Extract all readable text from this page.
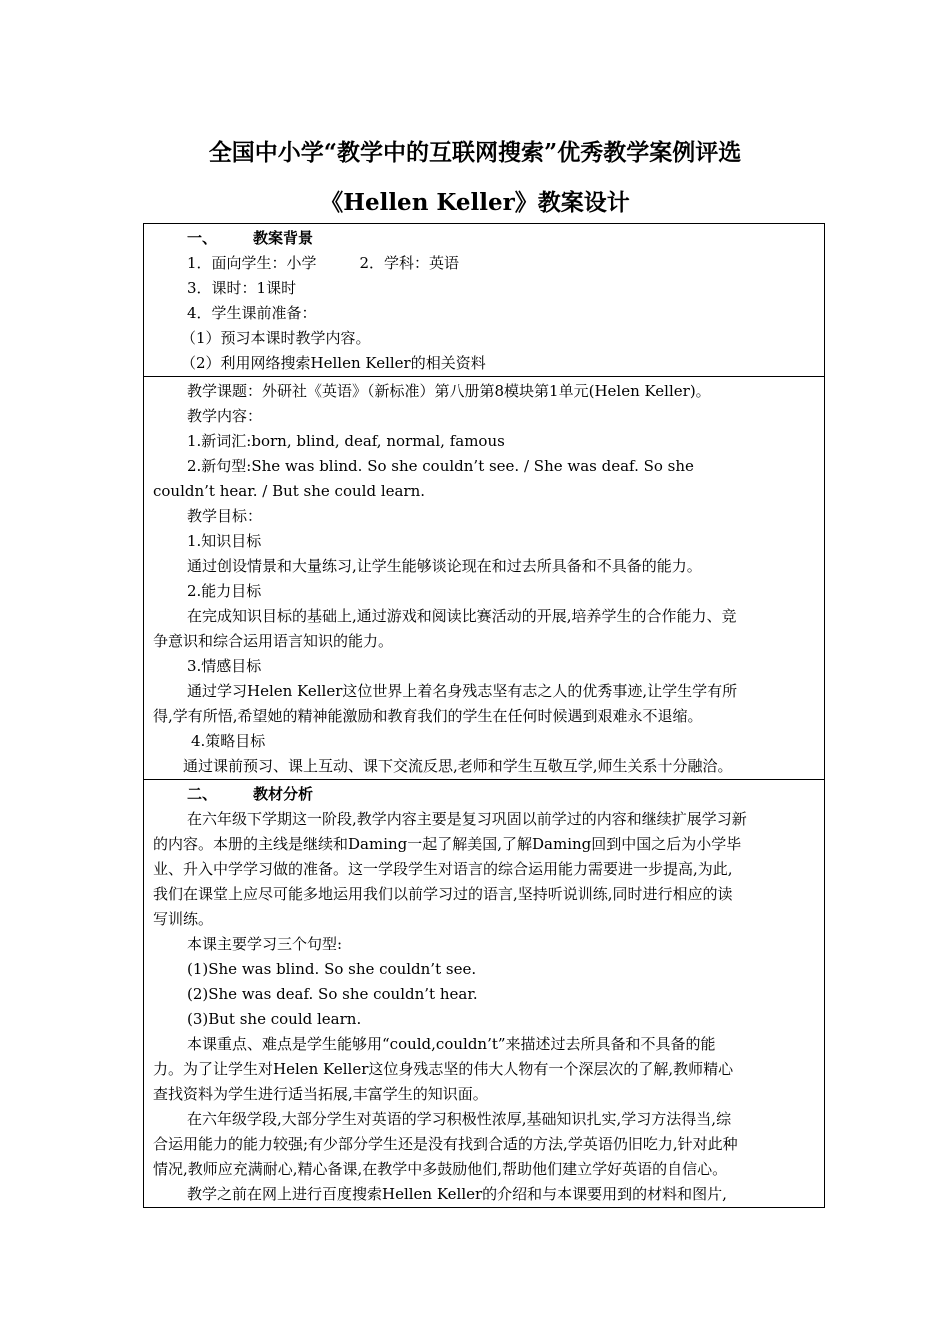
全国中小学“教学中的互联网搜索”优秀教学案例评选
《Hellen Keller》教案设计
一、 教案背景
1．面向学生：小学         2．学科：英语
3．课时：1课时
4．学生课前准备：
（1）预习本课时教学内容。
（2）利用网络搜索Hellen Keller的相关资料
教学课题：外研社《英语》（新标准）第八册第8模块第1单元(Helen Keller)。
教学内容：
1.新词汇:born, blind, deaf, normal, famous
2.新句型:She was blind. So she couldn’t see. / She was deaf. So she
couldn’t hear. / But she could learn.
教学目标：
1.知识目标
通过创设情景和大量练习,让学生能够谈论现在和过去所具备和不具备的能力。
2.能力目标
在完成知识目标的基础上,通过游戏和阅读比赛活动的开展,培养学生的合作能力、竞
争意识和综合运用语言知识的能力。
3.情感目标
通过学习Helen Keller这位世界上着名身残志坚有志之人的优秀事迹,让学生学有所
得,学有所悟,希望她的精神能激励和教育我们的学生在任何时候遇到艰难永不退缩。
4.策略目标
通过课前预习、课上互动、课下交流反思,老师和学生互敬互学,师生关系十分融洽。
二、 教材分析
在六年级下学期这一阶段,教学内容主要是复习巩固以前学过的内容和继续扩展学习新
的内容。本册的主线是继续和Daming一起了解美国,了解Daming回到中国之后为小学毕
业、升入中学学习做的准备。这一学段学生对语言的综合运用能力需要进一步提高,为此,
我们在课堂上应尽可能多地运用我们以前学习过的语言,坚持听说训练,同时进行相应的读
写训练。
本课主要学习三个句型:
(1)She was blind. So she couldn’t see.
(2)She was deaf. So she couldn’t hear.
(3)But she could learn.
本课重点、难点是学生能够用“could,couldn’t”来描述过去所具备和不具备的能
力。为了让学生对Helen Keller这位身残志坚的伟大人物有一个深层次的了解,教师精心
查找资料为学生进行适当拓展,丰富学生的知识面。
在六年级学段,大部分学生对英语的学习积极性浓厚,基础知识扎实,学习方法得当,综
合运用能力的能力较强;有少部分学生还是没有找到合适的方法,学英语仍旧吃力,针对此种
情况,教师应充满耐心,精心备课,在教学中多鼓励他们,帮助他们建立学好英语的自信心。
教学之前在网上进行百度搜索Hellen Keller的介绍和与本课要用到的材料和图片,
